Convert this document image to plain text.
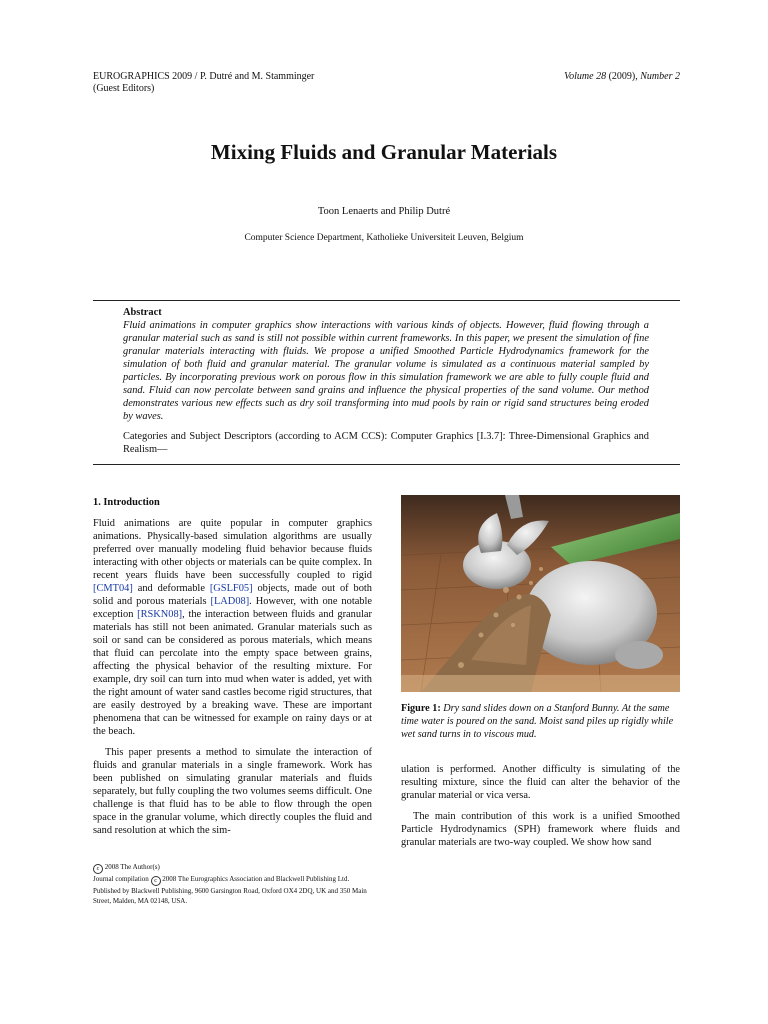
EUROGRAPHICS 2009 / P. Dutré and M. Stamminger
(Guest Editors)
Volume 28 (2009), Number 2
Mixing Fluids and Granular Materials
Toon Lenaerts and Philip Dutré
Computer Science Department, Katholieke Universiteit Leuven, Belgium
Abstract
Fluid animations in computer graphics show interactions with various kinds of objects. However, fluid flowing through a granular material such as sand is still not possible within current frameworks. In this paper, we present the simulation of fine granular materials interacting with fluids. We propose a unified Smoothed Particle Hydrodynamics framework for the simulation of both fluid and granular material. The granular volume is simulated as a continuous material sampled by particles. By incorporating previous work on porous flow in this simulation framework we are able to fully couple fluid and sand. Fluid can now percolate between sand grains and influence the physical properties of the sand volume. Our method demonstrates various new effects such as dry soil transforming into mud pools by rain or rigid sand structures being eroded by waves.
Categories and Subject Descriptors (according to ACM CCS): Computer Graphics [I.3.7]: Three-Dimensional Graphics and Realism—
1. Introduction

Fluid animations are quite popular in computer graphics animations. Physically-based simulation algorithms are usually preferred over manually modeling fluid behavior because fluids interacting with other objects or materials can be quite complex. In recent years fluids have been successfully coupled to rigid [CMT04] and deformable [GSLF05] objects, made out of both solid and porous materials [LAD08]. However, with one notable exception [RSKN08], the interaction between fluids and granular materials has still not been animated. Granular materials such as soil or sand can be considered as porous materials, which means that fluid can percolate into the empty space between grains, affecting the physical behavior of the resulting mixture. For example, dry soil can turn into mud when water is added, yet with the right amount of water sand castles become rigid structures, that are easily destroyed by a breaking wave. These are important phenomena that can be witnessed for example on rainy days or at the beach.

This paper presents a method to simulate the interaction of fluids and granular materials in a single framework. Work has been published on simulating granular materials and fluids separately, but fully coupling the two volumes seems difficult. One challenge is that fluid has to be able to flow through the open space in the granular volume, which directly couples the fluid and sand resolution at which the sim-

Figure 1: Dry sand slides down on a Stanford Bunny. At the same time water is poured on the sand. Moist sand piles up rigidly while wet sand turns in to viscous mud.

ulation is performed. Another difficulty is simulating of the resulting mixture, since the fluid can alter the behavior of the granular material or vica versa.

The main contribution of this work is a unified Smoothed Particle Hydrodynamics (SPH) framework where fluids and granular materials are two-way coupled. We show how sand

c 2008 The Author(s)
Journal compilation c 2008 The Eurographics Association and Blackwell Publishing Ltd.
Published by Blackwell Publishing, 9600 Garsington Road, Oxford OX4 2DQ, UK and 350 Main Street, Malden, MA 02148, USA.
